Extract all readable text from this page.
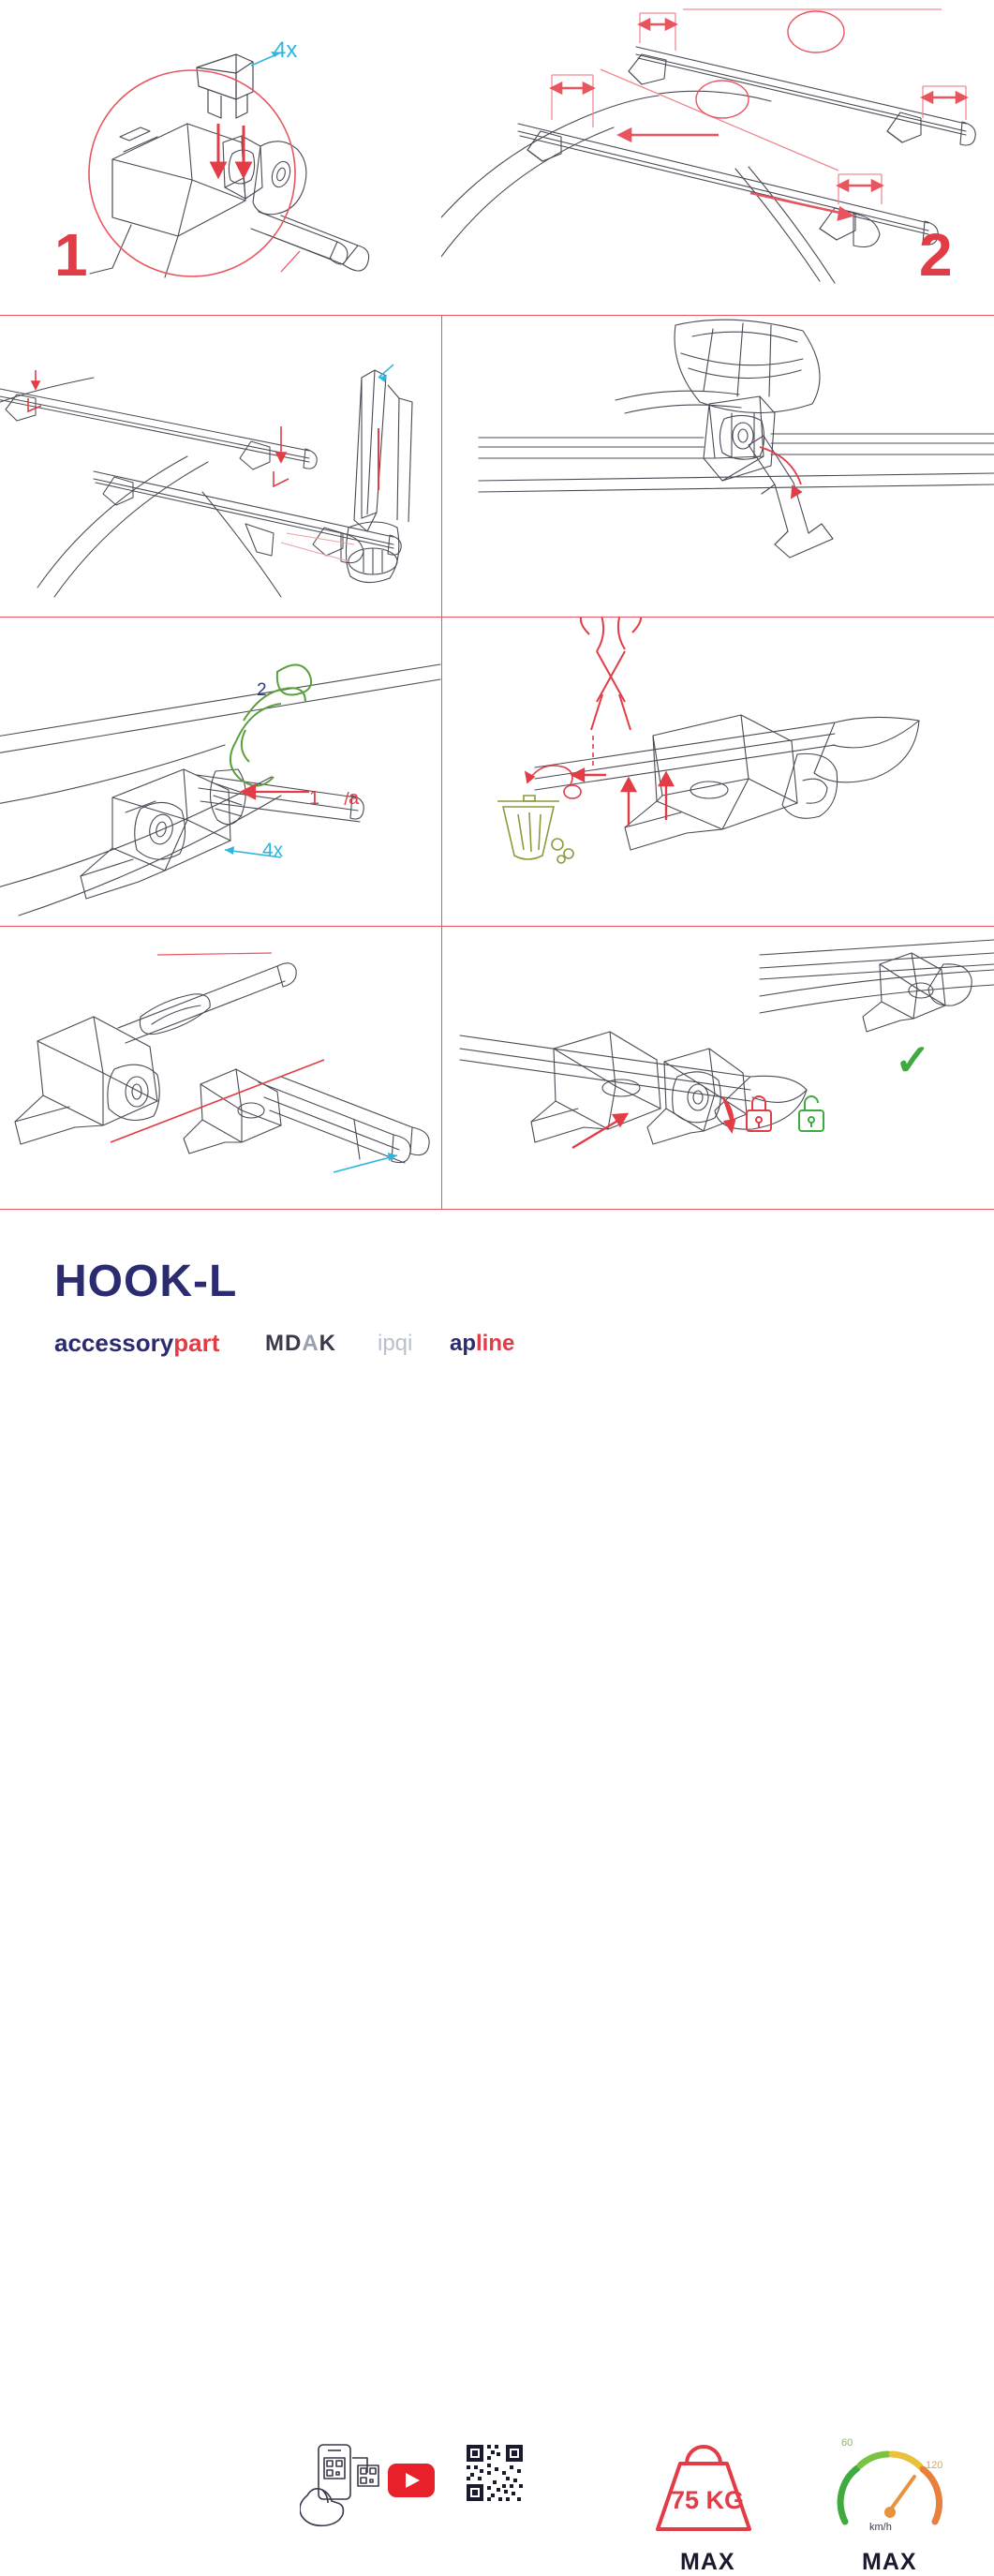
4x
1	2
1
2
a
4x
✓
75 KG
MAX
60
120
km/h
MAX
HOOK-L
accessorypart MDAK ipqi apline
